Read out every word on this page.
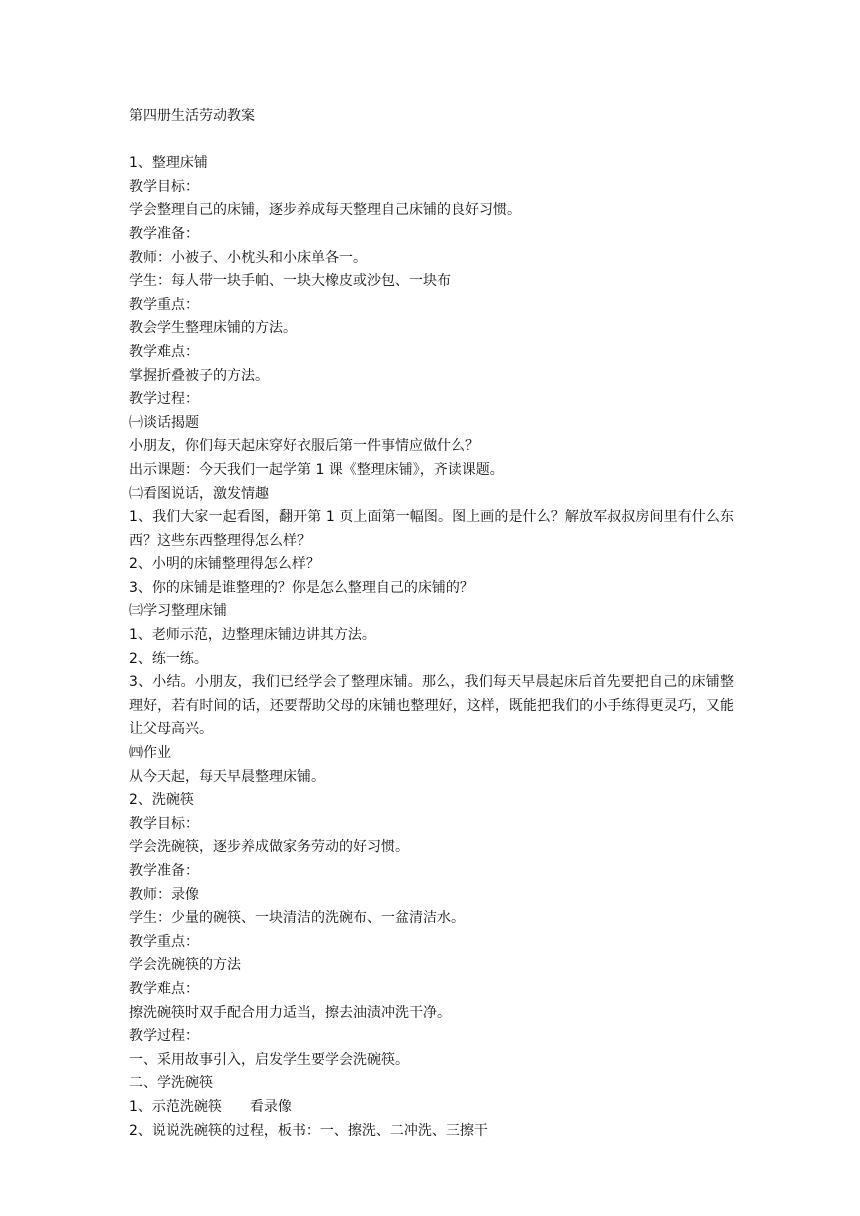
第四册生活劳动教案
1、整理床铺
教学目标：
学会整理自己的床铺，逐步养成每天整理自己床铺的良好习惯。
教学准备：
教师：小被子、小枕头和小床单各一。
学生：每人带一块手帕、一块大橡皮或沙包、一块布
教学重点：
教会学生整理床铺的方法。
教学难点：
掌握折叠被子的方法。
教学过程：
㈠谈话揭题
小朋友，你们每天起床穿好衣服后第一件事情应做什么？
出示课题：今天我们一起学第 1 课《整理床铺》，齐读课题。
㈡看图说话，激发情趣
1、我们大家一起看图，翻开第 1 页上面第一幅图。图上画的是什么？解放军叔叔房间里有什么东西？这些东西整理得怎么样？
2、小明的床铺整理得怎么样？
3、你的床铺是谁整理的？你是怎么整理自己的床铺的？
㈢学习整理床铺
1、老师示范，边整理床铺边讲其方法。
2、练一练。
3、小结。小朋友，我们已经学会了整理床铺。那么，我们每天早晨起床后首先要把自己的床铺整理好，若有时间的话，还要帮助父母的床铺也整理好，这样，既能把我们的小手练得更灵巧，又能让父母高兴。
㈣作业
从今天起，每天早晨整理床铺。
2、洗碗筷
教学目标：
学会洗碗筷，逐步养成做家务劳动的好习惯。
教学准备：
教师：录像
学生：少量的碗筷、一块清洁的洗碗布、一盆清洁水。
教学重点：
学会洗碗筷的方法
教学难点：
擦洗碗筷时双手配合用力适当，擦去油渍冲洗干净。
教学过程：
一、采用故事引入，启发学生要学会洗碗筷。
二、学洗碗筷
1、示范洗碗筷　　看录像
2、说说洗碗筷的过程，板书：一、擦洗、二冲洗、三擦干
